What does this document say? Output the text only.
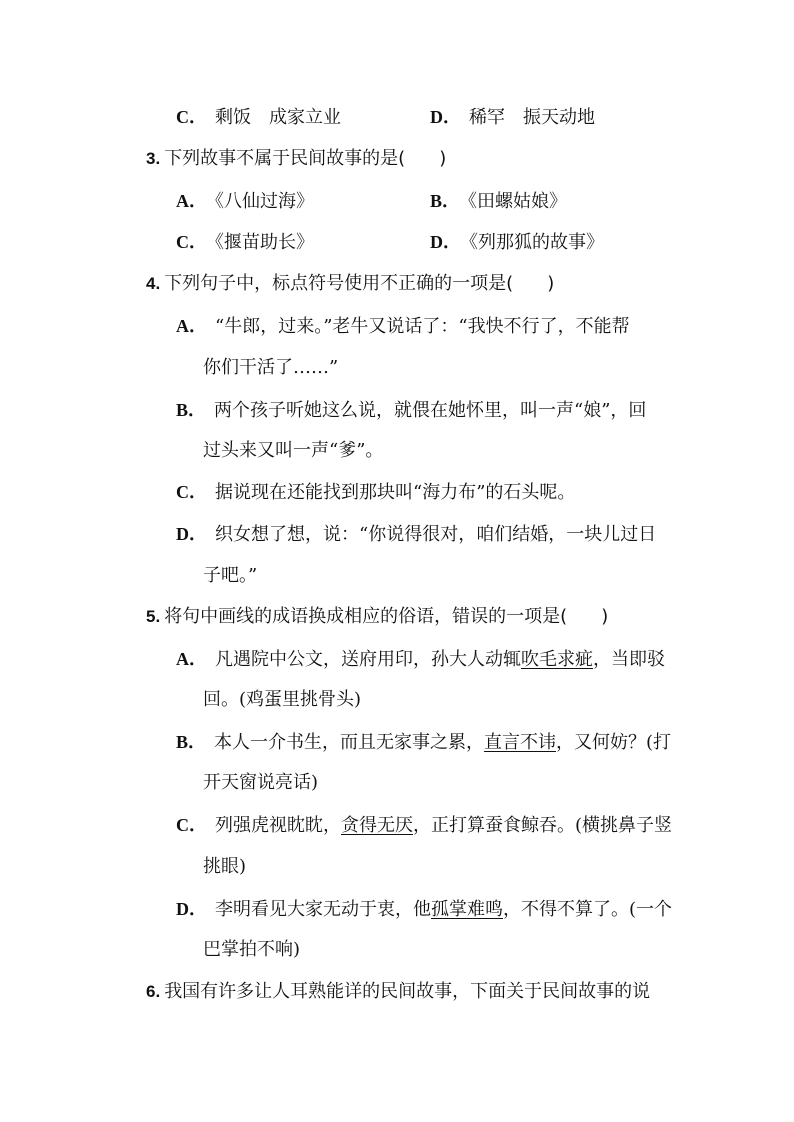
C． 剩饭　成家立业	D． 稀罕　振天动地
3. 下列故事不属于民间故事的是( )
A． 《八仙过海》	B． 《田螺姑娘》
C． 《揠苗助长》	D． 《列那狐的故事》
4. 下列句子中，标点符号使用不正确的一项是( )
A． “牛郎，过来。”老牛又说话了：“我快不行了，不能帮
你们干活了……”
B． 两个孩子听她这么说，就偎在她怀里，叫一声“娘”，回
过头来又叫一声“爹”。
C． 据说现在还能找到那块叫“海力布”的石头呢。
D． 织女想了想，说：“你说得很对，咱们结婚，一块儿过日
子吧。”
5. 将句中画线的成语换成相应的俗语，错误的一项是( )
A． 凡遇院中公文，送府用印，孙大人动辄吹毛求疵，当即驳
回。(鸡蛋里挑骨头)
B． 本人一介书生，而且无家事之累，直言不讳，又何妨？(打
开天窗说亮话)
C． 列强虎视眈眈，贪得无厌，正打算蚕食鲸吞。(横挑鼻子竖
挑眼)
D． 李明看见大家无动于衷，他孤掌难鸣，不得不算了。(一个
巴掌拍不响)
6. 我国有许多让人耳熟能详的民间故事，下面关于民间故事的说
